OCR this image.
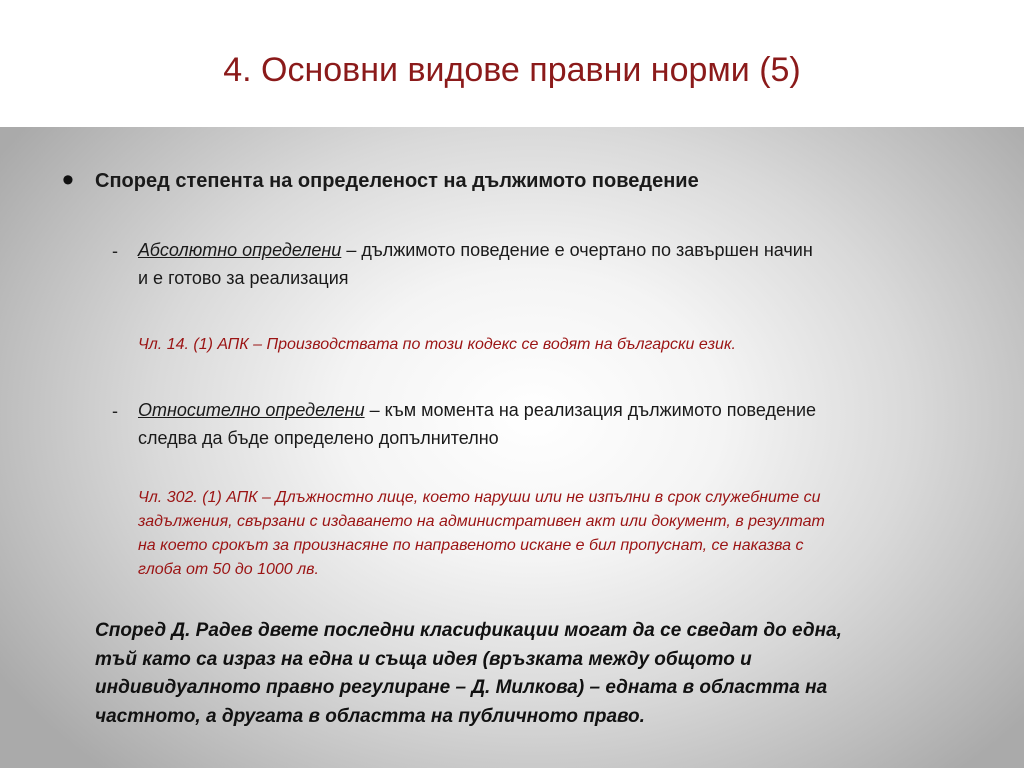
4. Основни видове правни норми (5)
• Според степента на определеност на дължимото поведение
- Абсолютно определени – дължимото поведение е очертано по завършен начин
и е готово за реализация
Чл. 14. (1) АПК – Производствата по този кодекс се водят на български език.
- Относително определени – към момента на реализация дължимото поведение
следва да бъде определено допълнително
Чл. 302. (1) АПК – Длъжностно лице, което наруши или не изпълни в срок служебните си
задължения, свързани с издаването на административен акт или документ, в резултат
на което срокът за произнасяне по направеното искане е бил пропуснат, се наказва с
глоба от 50 до 1000 лв.
Според Д. Радев двете последни класификации могат да се сведат до една,
тъй като са израз на една и съща идея (връзката между общото и
индивидуалното правно регулиране – Д. Милкова) – едната в областта на
частното, а другата в областта на публичното право.
